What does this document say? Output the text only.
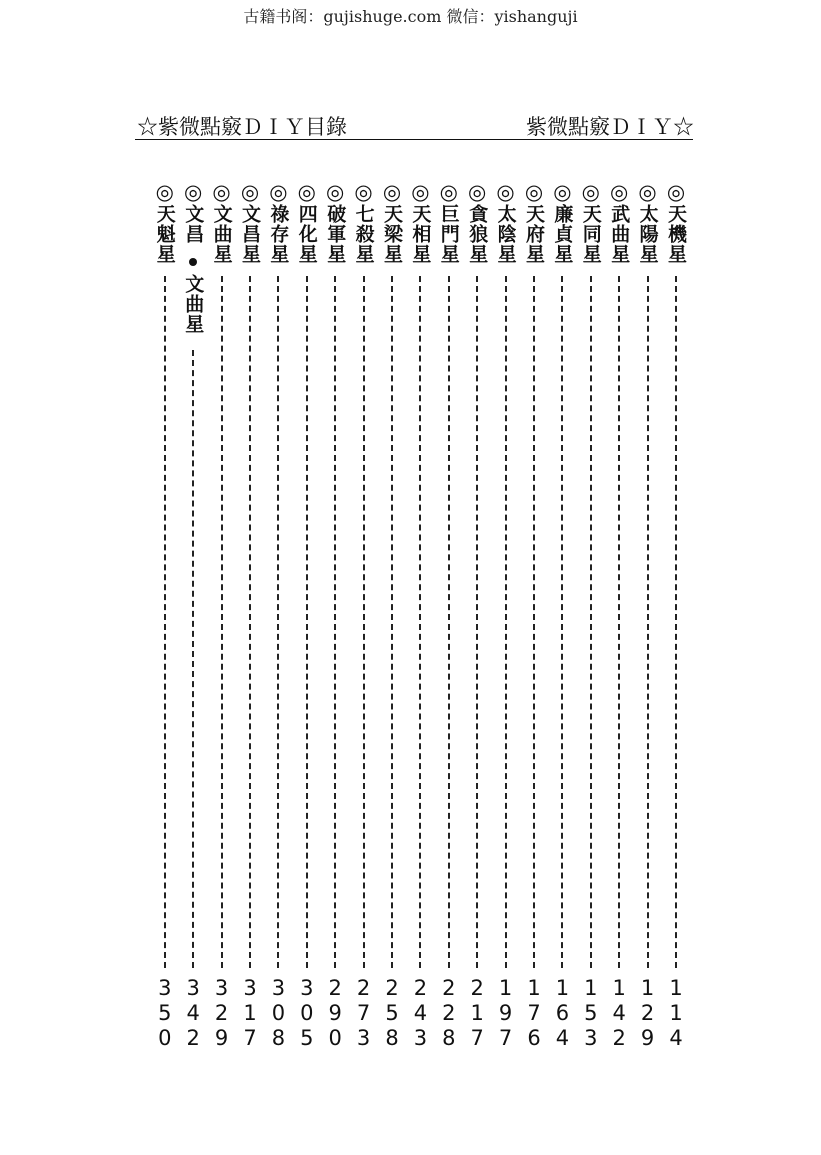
古籍书阁：gujishuge.com 微信：yishanguji
☆紫微點竅ＤＩＹ目錄	紫微點竅ＤＩＹ☆
◎
天機星
114
◎
太陽星
129
◎
武曲星
142
◎
天同星
153
◎
廉貞星
164
◎
天府星
176
◎
太陰星
197
◎
貪狼星
217
◎
巨門星
228
◎
天相星
243
◎
天梁星
258
◎
七殺星
273
◎
破軍星
290
◎
四化星
305
◎
祿存星
308
◎
文昌星
317
◎
文曲星
329
◎
文昌
文曲星
342
◎
天魁星
350
